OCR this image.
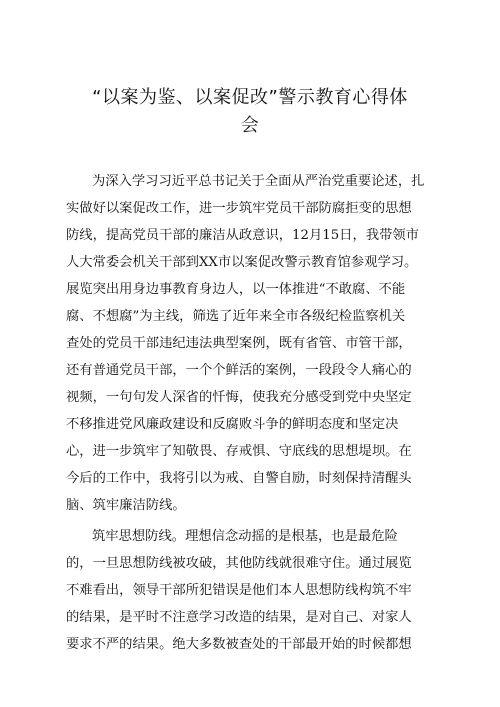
“以案为鉴、以案促改”警示教育心得体
会
为深入学习习近平总书记关于全面从严治党重要论述，扎
实做好以案促改工作，进一步筑牢党员干部防腐拒变的思想
防线，提高党员干部的廉洁从政意识，12月15日，我带领市
人大常委会机关干部到XX市以案促改警示教育馆参观学习。
展览突出用身边事教育身边人，以一体推进“不敢腐、不能
腐、不想腐”为主线，筛选了近年来全市各级纪检监察机关
查处的党员干部违纪违法典型案例，既有省管、市管干部，
还有普通党员干部，一个个鲜活的案例，一段段令人痛心的
视频，一句句发人深省的忏悔，使我充分感受到党中央坚定
不移推进党风廉政建设和反腐败斗争的鲜明态度和坚定决
心，进一步筑牢了知敬畏、存戒惧、守底线的思想堤坝。在
今后的工作中，我将引以为戒、自警自励，时刻保持清醒头
脑、筑牢廉洁防线。
筑牢思想防线。理想信念动摇的是根基，也是最危险
的，一旦思想防线被攻破，其他防线就很难守住。通过展览
不难看出，领导干部所犯错误是他们本人思想防线构筑不牢
的结果，是平时不注意学习改造的结果，是对自己、对家人
要求不严的结果。绝大多数被查处的干部最开始的时候都想
